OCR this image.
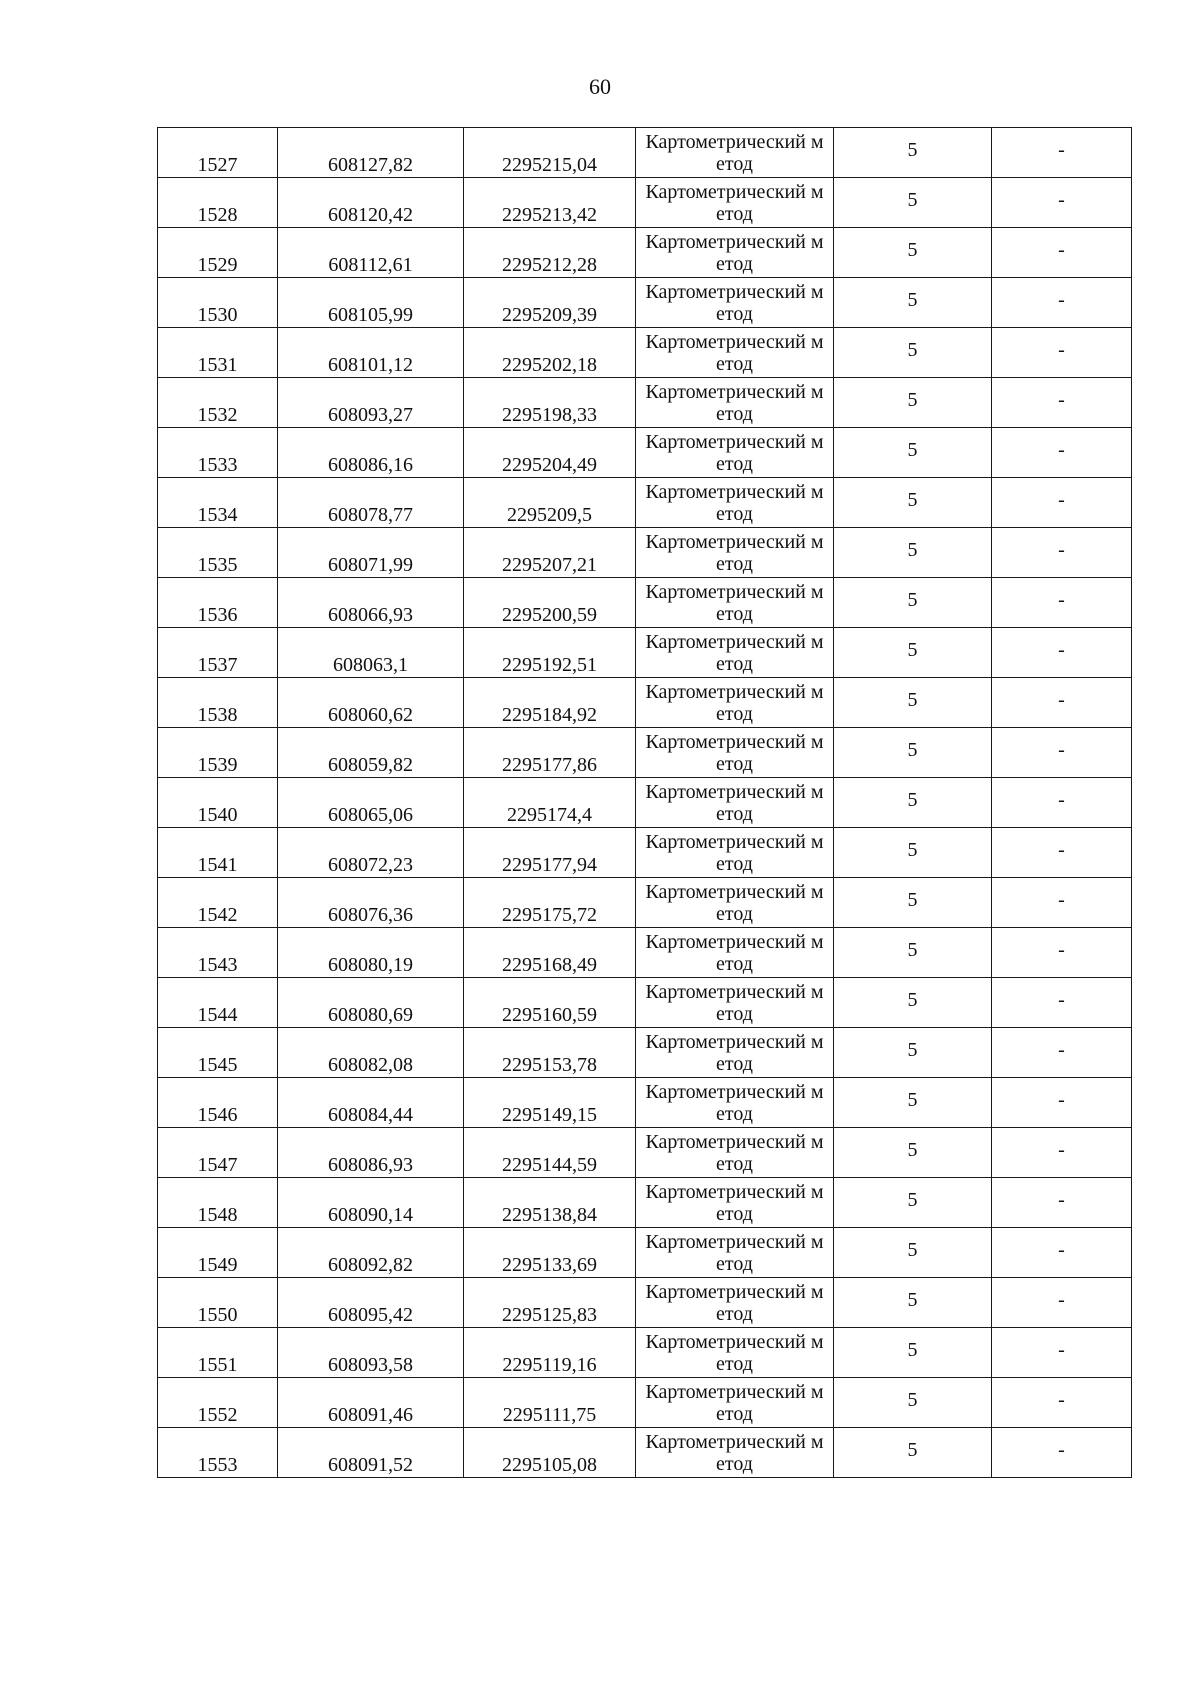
60
1527	608127,82	2295215,04	Картометрический метод	5	-
1528	608120,42	2295213,42	Картометрический метод	5	-
1529	608112,61	2295212,28	Картометрический метод	5	-
1530	608105,99	2295209,39	Картометрический метод	5	-
1531	608101,12	2295202,18	Картометрический метод	5	-
1532	608093,27	2295198,33	Картометрический метод	5	-
1533	608086,16	2295204,49	Картометрический метод	5	-
1534	608078,77	2295209,5	Картометрический метод	5	-
1535	608071,99	2295207,21	Картометрический метод	5	-
1536	608066,93	2295200,59	Картометрический метод	5	-
1537	608063,1	2295192,51	Картометрический метод	5	-
1538	608060,62	2295184,92	Картометрический метод	5	-
1539	608059,82	2295177,86	Картометрический метод	5	-
1540	608065,06	2295174,4	Картометрический метод	5	-
1541	608072,23	2295177,94	Картометрический метод	5	-
1542	608076,36	2295175,72	Картометрический метод	5	-
1543	608080,19	2295168,49	Картометрический метод	5	-
1544	608080,69	2295160,59	Картометрический метод	5	-
1545	608082,08	2295153,78	Картометрический метод	5	-
1546	608084,44	2295149,15	Картометрический метод	5	-
1547	608086,93	2295144,59	Картометрический метод	5	-
1548	608090,14	2295138,84	Картометрический метод	5	-
1549	608092,82	2295133,69	Картометрический метод	5	-
1550	608095,42	2295125,83	Картометрический метод	5	-
1551	608093,58	2295119,16	Картометрический метод	5	-
1552	608091,46	2295111,75	Картометрический метод	5	-
1553	608091,52	2295105,08	Картометрический метод	5	-
